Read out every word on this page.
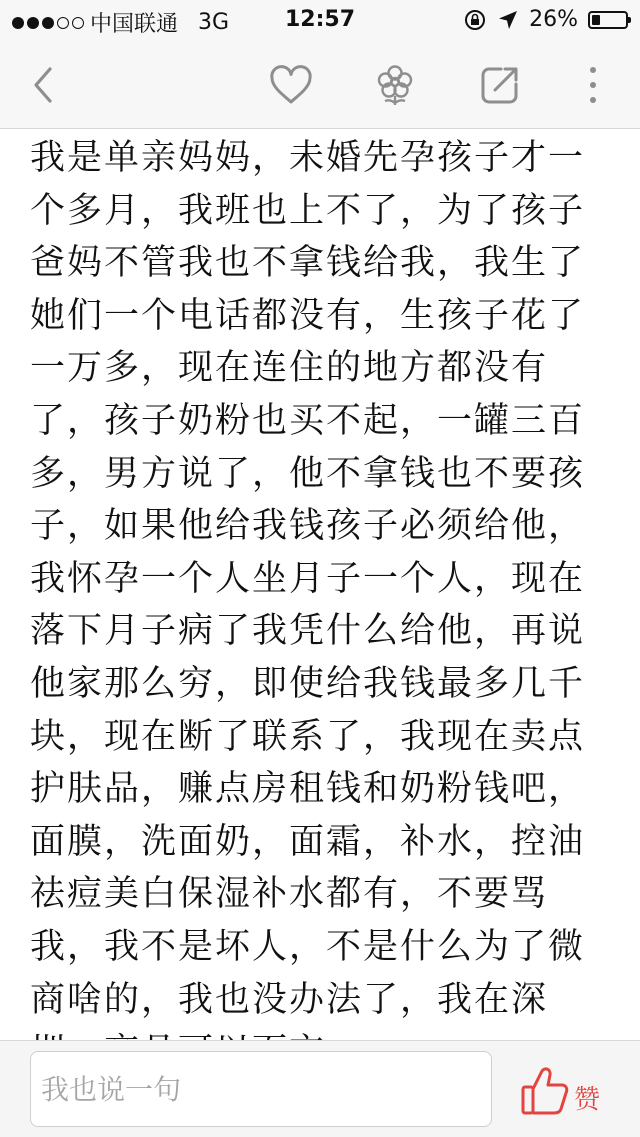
中国联通 3G	12:57	26%
我是单亲妈妈，未婚先孕孩子才一个多月，我班也上不了，为了孩子爸妈不管我也不拿钱给我，我生了她们一个电话都没有，生孩子花了一万多，现在连住的地方都没有了，孩子奶粉也买不起，一罐三百多，男方说了，他不拿钱也不要孩子，如果他给我钱孩子必须给他，我怀孕一个人坐月子一个人，现在落下月子病了我凭什么给他，再说他家那么穷，即使给我钱最多几千块，现在断了联系了，我现在卖点护肤品，赚点房租钱和奶粉钱吧，面膜，洗面奶，面霜，补水，控油祛痘美白保湿补水都有，不要骂我，我不是坏人，不是什么为了微商啥的，我也没办法了，我在深
我也说一句
赞
